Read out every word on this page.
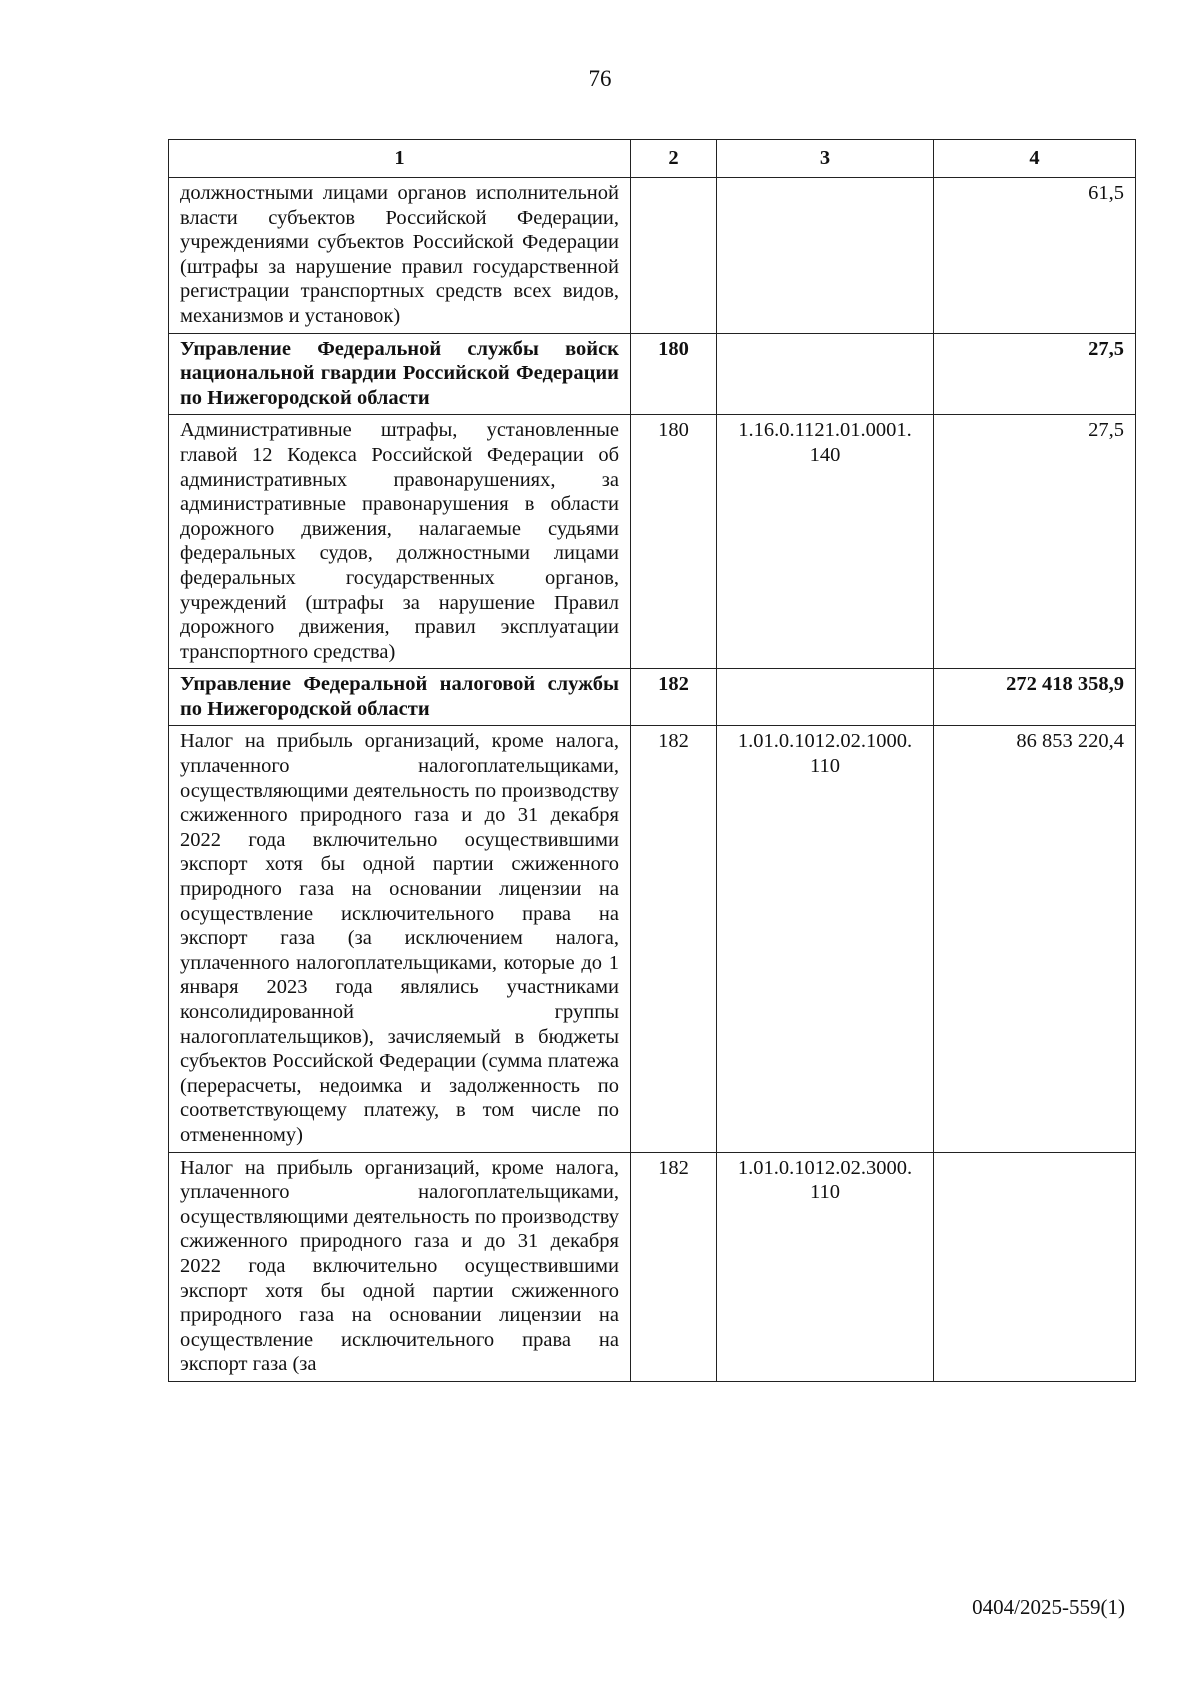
76
1	2	3	4
должностными лицами органов исполнительной власти субъектов Российской Федерации, учреждениями субъектов Российской Федерации (штрафы за нарушение правил государственной регистрации транспортных средств всех видов, механизмов и установок)			61,5
Управление Федеральной службы войск национальной гвардии Российской Федерации по Нижегородской области	180		27,5
Административные штрафы, установленные главой 12 Кодекса Российской Федерации об административных правонарушениях, за административные правонарушения в области дорожного движения, налагаемые судьями федеральных судов, должностными лицами федеральных государственных органов, учреждений (штрафы за нарушение Правил дорожного движения, правил эксплуатации транспортного средства)	180	1.16.0.1121.01.0001. 140	27,5
Управление Федеральной налоговой службы по Нижегородской области	182		272 418 358,9
Налог на прибыль организаций, кроме налога, уплаченного налогоплательщиками, осуществляющими деятельность по производству сжиженного природного газа и до 31 декабря 2022 года включительно осуществившими экспорт хотя бы одной партии сжиженного природного газа на основании лицензии на осуществление исключительного права на экспорт газа (за исключением налога, уплаченного налогоплательщиками, которые до 1 января 2023 года являлись участниками консолидированной группы налогоплательщиков), зачисляемый в бюджеты субъектов Российской Федерации (сумма платежа (перерасчеты, недоимка и задолженность по соответствующему платежу, в том числе по отмененному)	182	1.01.0.1012.02.1000. 110	86 853 220,4
Налог на прибыль организаций, кроме налога, уплаченного налогоплательщиками, осуществляющими деятельность по производству сжиженного природного газа и до 31 декабря 2022 года включительно осуществившими экспорт хотя бы одной партии сжиженного природного газа на основании лицензии на осуществление исключительного права на экспорт газа (за	182	1.01.0.1012.02.3000. 110	
0404/2025-559(1)
